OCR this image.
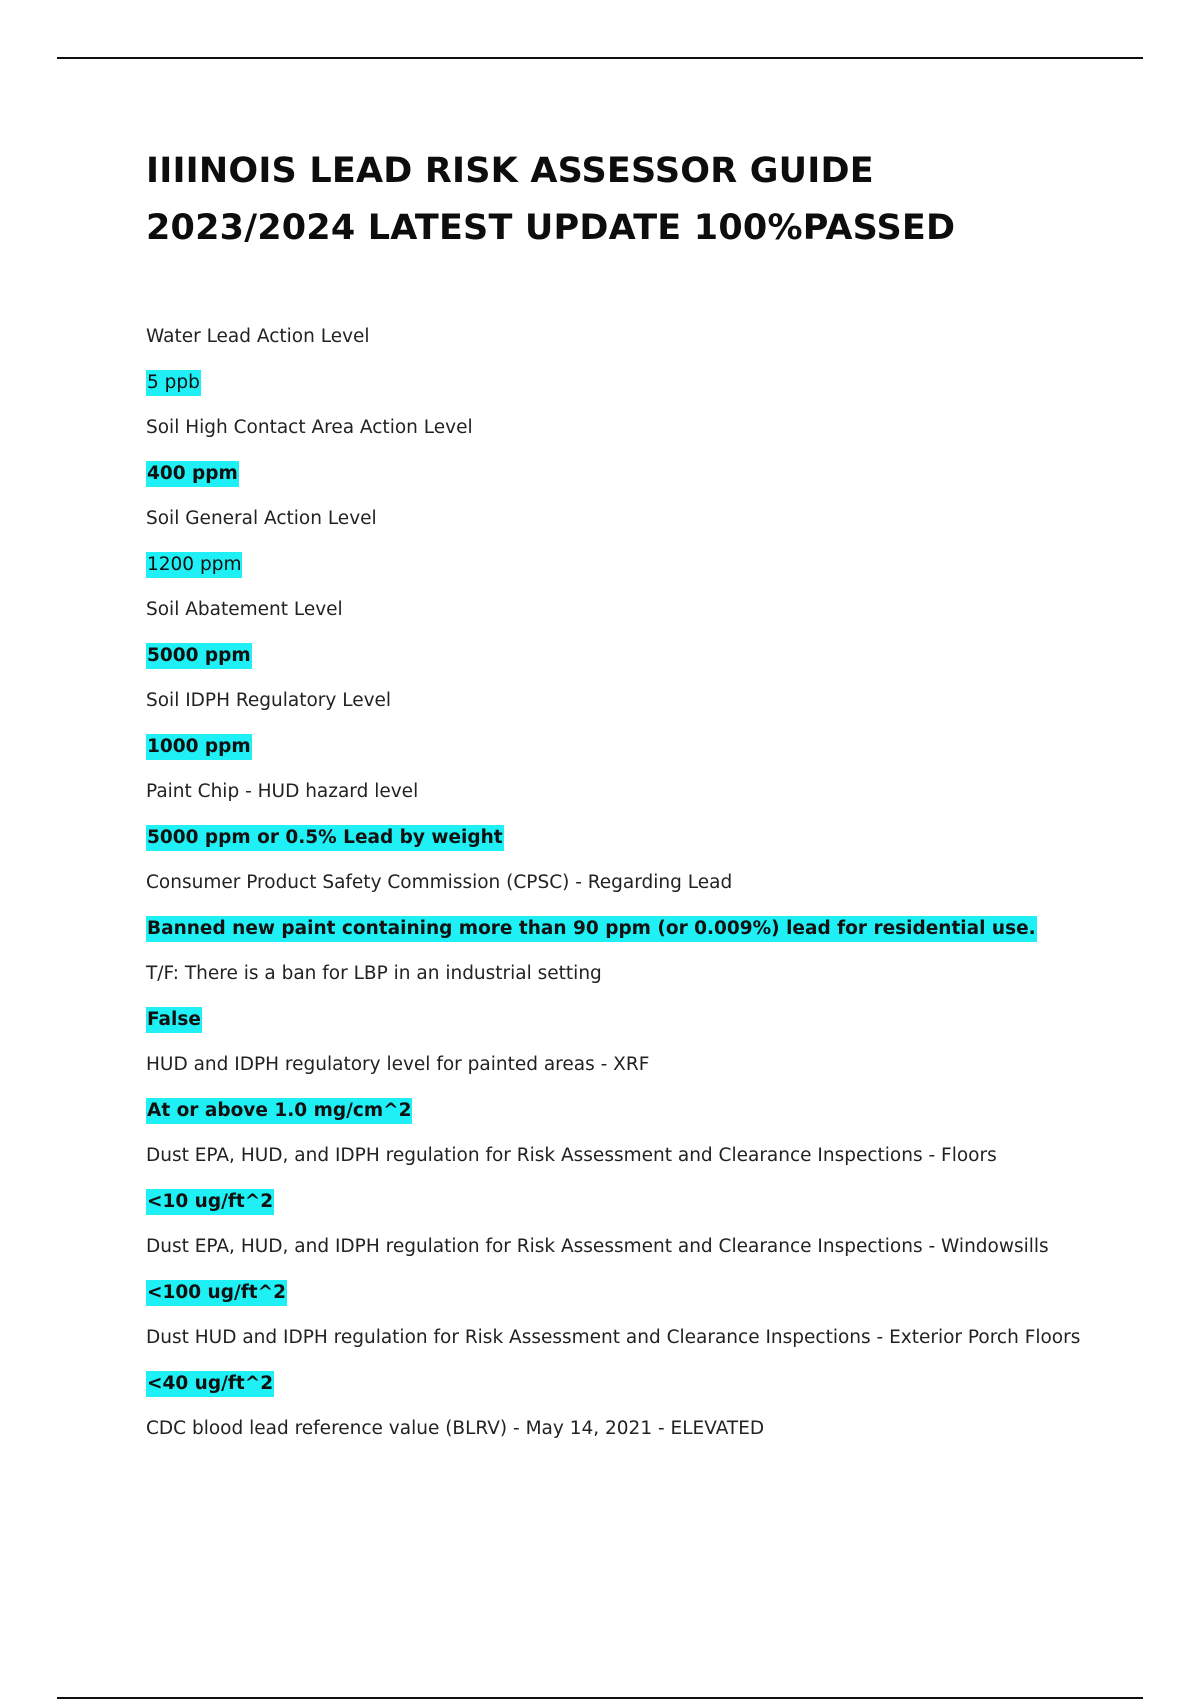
IIIINOIS LEAD RISK ASSESSOR GUIDE
2023/2024 LATEST UPDATE 100%PASSED
Water Lead Action Level
5 ppb
Soil High Contact Area Action Level
400 ppm
Soil General Action Level
1200 ppm
Soil Abatement Level
5000 ppm
Soil IDPH Regulatory Level
1000 ppm
Paint Chip - HUD hazard level
5000 ppm or 0.5% Lead by weight
Consumer Product Safety Commission (CPSC) - Regarding Lead
Banned new paint containing more than 90 ppm (or 0.009%) lead for residential use.
T/F: There is a ban for LBP in an industrial setting
False
HUD and IDPH regulatory level for painted areas - XRF
At or above 1.0 mg/cm^2
Dust EPA, HUD, and IDPH regulation for Risk Assessment and Clearance Inspections - Floors
<10 ug/ft^2
Dust EPA, HUD, and IDPH regulation for Risk Assessment and Clearance Inspections - Windowsills
<100 ug/ft^2
Dust HUD and IDPH regulation for Risk Assessment and Clearance Inspections - Exterior Porch Floors
<40 ug/ft^2
CDC blood lead reference value (BLRV) - May 14, 2021 - ELEVATED
